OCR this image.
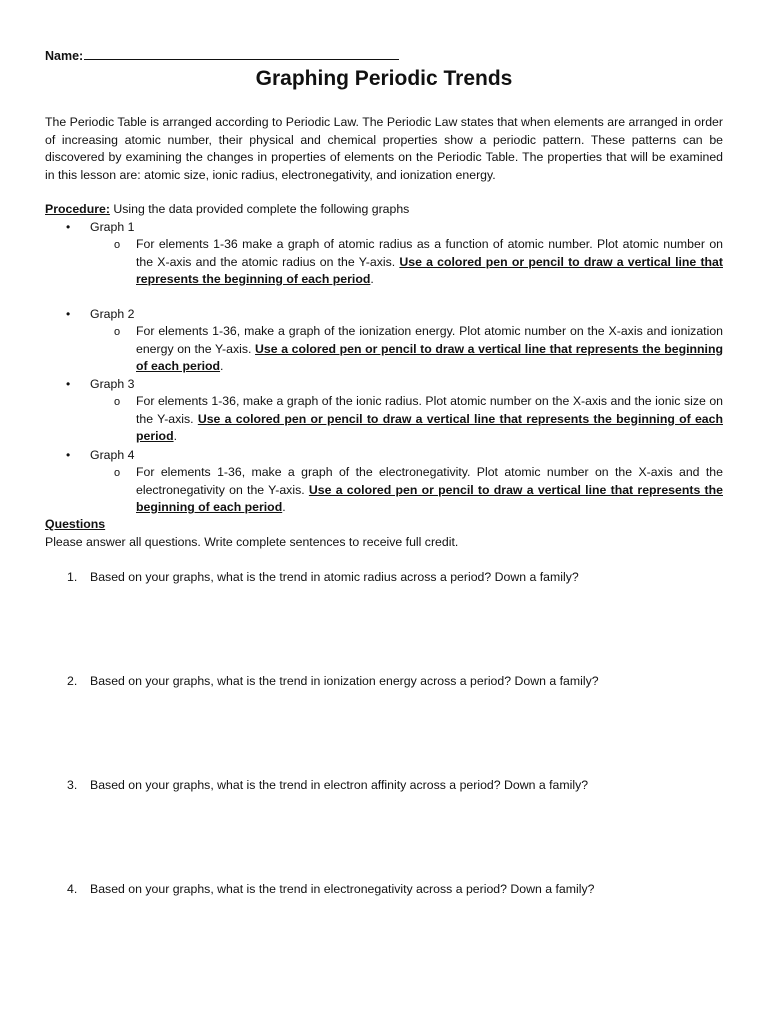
Name:
Graphing Periodic Trends

The Periodic Table is arranged according to Periodic Law. The Periodic Law states that when elements are arranged in order of increasing atomic number, their physical and chemical properties show a periodic pattern. These patterns can be discovered by examining the changes in properties of elements on the Periodic Table. The properties that will be examined in this lesson are: atomic size, ionic radius, electronegativity, and ionization energy.

Procedure: Using the data provided complete the following graphs
• Graph 1
o For elements 1-36 make a graph of atomic radius as a function of atomic number. Plot atomic number on the X-axis and the atomic radius on the Y-axis. Use a colored pen or pencil to draw a vertical line that represents the beginning of each period.

• Graph 2
o For elements 1-36, make a graph of the ionization energy. Plot atomic number on the X-axis and ionization energy on the Y-axis. Use a colored pen or pencil to draw a vertical line that represents the beginning of each period.

• Graph 3
o For elements 1-36, make a graph of the ionic radius. Plot atomic number on the X-axis and the ionic size on the Y-axis. Use a colored pen or pencil to draw a vertical line that represents the beginning of each period.

• Graph 4
o For elements 1-36, make a graph of the electronegativity. Plot atomic number on the X-axis and the electronegativity on the Y-axis. Use a colored pen or pencil to draw a vertical line that represents the beginning of each period.

Questions
Please answer all questions. Write complete sentences to receive full credit.
1. Based on your graphs, what is the trend in atomic radius across a period? Down a family?
2. Based on your graphs, what is the trend in ionization energy across a period? Down a family?
3. Based on your graphs, what is the trend in electron affinity across a period? Down a family?
4. Based on your graphs, what is the trend in electronegativity across a period? Down a family?
